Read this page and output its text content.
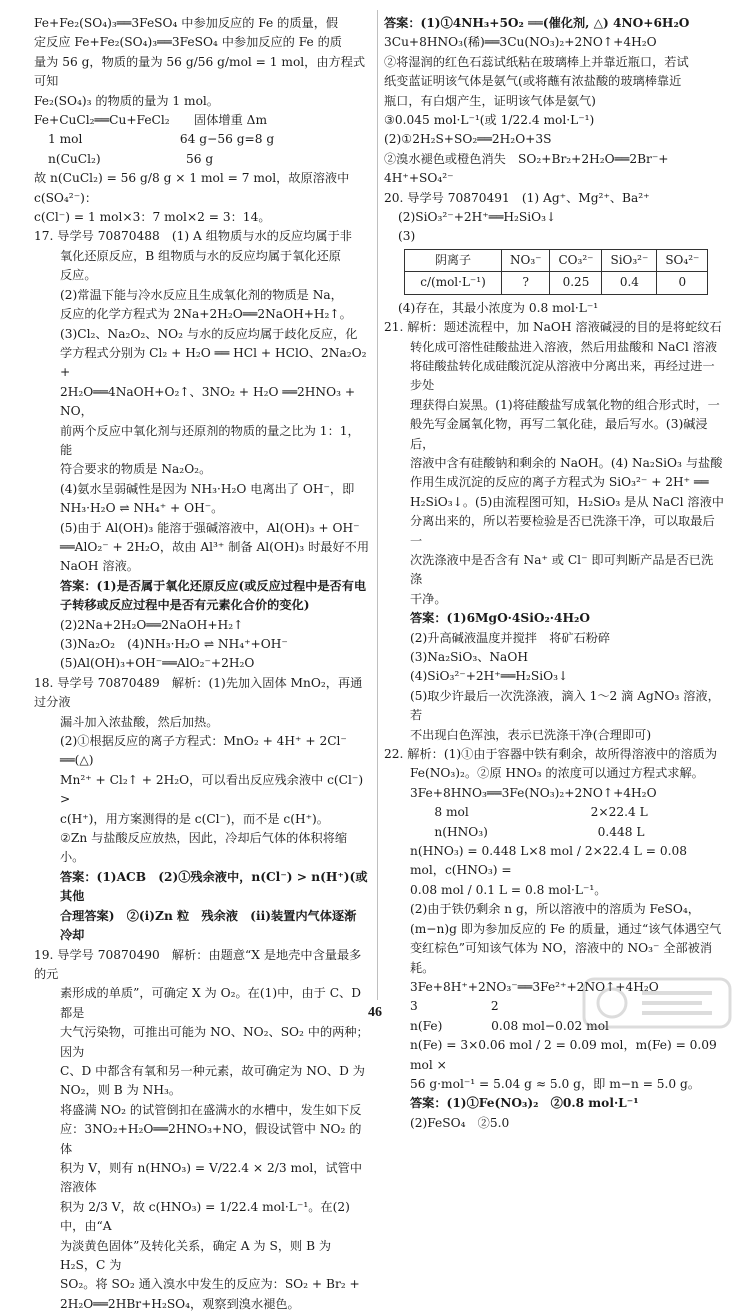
Fe+Fe₂(SO₄)₃══3FeSO₄ 中参加反应的 Fe 的质量，假

定反应 Fe+Fe₂(SO₄)₃══3FeSO₄ 中参加反应的 Fe 的质

量为 56 g，物质的量为 56 g/56 g/mol = 1 mol，由方程式可知

Fe₂(SO₄)₃ 的物质的量为 1 mol。

Fe+CuCl₂══Cu+FeCl₂　　固体增重 Δm

1 mol　　　　　　　　64 g−56 g=8 g

n(CuCl₂)　　　　　　　56 g

故 n(CuCl₂) = 56 g/8 g × 1 mol = 7 mol，故原溶液中 c(SO₄²⁻)：

c(Cl⁻) = 1 mol×3：7 mol×2 = 3：14。

17. 导学号 70870488　(1) A 组物质与水的反应均属于非

氧化还原反应，B 组物质与水的反应均属于氧化还原

反应。

(2)常温下能与冷水反应且生成氧化剂的物质是 Na，

反应的化学方程式为 2Na+2H₂O══2NaOH+H₂↑。

(3)Cl₂、Na₂O₂、NO₂ 与水的反应均属于歧化反应，化

学方程式分别为 Cl₂ + H₂O ══ HCl + HClO、2Na₂O₂ +

2H₂O══4NaOH+O₂↑、3NO₂ + H₂O ══2HNO₃ + NO，

前两个反应中氧化剂与还原剂的物质的量之比为 1：1，能

符合要求的物质是 Na₂O₂。

(4)氨水呈弱碱性是因为 NH₃·H₂O 电离出了 OH⁻，即

NH₃·H₂O ⇌ NH₄⁺ + OH⁻。

(5)由于 Al(OH)₃ 能溶于强碱溶液中，Al(OH)₃ + OH⁻

══AlO₂⁻ + 2H₂O，故由 Al³⁺ 制备 Al(OH)₃ 时最好不用

NaOH 溶液。

答案：(1)是否属于氧化还原反应(或反应过程中是否有电

子转移或反应过程中是否有元素化合价的变化)

(2)2Na+2H₂O══2NaOH+H₂↑

(3)Na₂O₂　(4)NH₃·H₂O ⇌ NH₄⁺+OH⁻

(5)Al(OH)₃+OH⁻══AlO₂⁻+2H₂O

18. 导学号 70870489　解析：(1)先加入固体 MnO₂，再通过分液

漏斗加入浓盐酸，然后加热。

(2)①根据反应的离子方程式：MnO₂ + 4H⁺ + 2Cl⁻ ══(△)

Mn²⁺ + Cl₂↑ + 2H₂O，可以看出反应残余液中 c(Cl⁻) >

c(H⁺)，用方案测得的是 c(Cl⁻)，而不是 c(H⁺)。

②Zn 与盐酸反应放热，因此，冷却后气体的体积将缩小。

答案：(1)ACB　(2)①残余液中，n(Cl⁻) > n(H⁺)(或其他

合理答案)　②(ⅰ)Zn 粒　残余液　(ⅱ)装置内气体逐渐

冷却

19. 导学号 70870490　解析：由题意“X 是地壳中含量最多的元

素形成的单质”，可确定 X 为 O₂。在(1)中，由于 C、D 都是

大气污染物，可推出可能为 NO、NO₂、SO₂ 中的两种；因为

C、D 中都含有氧和另一种元素，故可确定为 NO、D 为

NO₂，则 B 为 NH₃。

将盛满 NO₂ 的试管倒扣在盛满水的水槽中，发生如下反

应：3NO₂+H₂O══2HNO₃+NO，假设试管中 NO₂ 的体

积为 V，则有 n(HNO₃) = V/22.4 × 2/3 mol，试管中溶液体

积为 2/3 V，故 c(HNO₃) = 1/22.4 mol·L⁻¹。在(2)中，由“A

为淡黄色固体”及转化关系，确定 A 为 S，则 B 为 H₂S，C 为

SO₂。将 SO₂ 通入溴水中发生的反应为：SO₂ + Br₂ +

2H₂O══2HBr+H₂SO₄，观察到溴水褪色。

答案：(1)①4NH₃+5O₂ ══(催化剂, △) 4NO+6H₂O

3Cu+8HNO₃(稀)══3Cu(NO₃)₂+2NO↑+4H₂O

②将湿润的红色石蕊试纸粘在玻璃棒上并靠近瓶口，若试

纸变蓝证明该气体是氨气(或将蘸有浓盐酸的玻璃棒靠近

瓶口，有白烟产生，证明该气体是氨气)

③0.045 mol·L⁻¹(或 1/22.4 mol·L⁻¹)

(2)①2H₂S+SO₂══2H₂O+3S

②溴水褪色或橙色消失　SO₂+Br₂+2H₂O══2Br⁻+

4H⁺+SO₄²⁻

20. 导学号 70870491　(1) Ag⁺、Mg²⁺、Ba²⁺

(2)SiO₃²⁻+2H⁺══H₂SiO₃↓

(3)

阴离子	NO₃⁻	CO₃²⁻	SiO₃²⁻	SO₄²⁻
c/(mol·L⁻¹)	?	0.25	0.4	0

(4)存在，其最小浓度为 0.8 mol·L⁻¹

21. 解析：题述流程中，加 NaOH 溶液碱浸的目的是将蛇纹石

转化成可溶性硅酸盐进入溶液，然后用盐酸和 NaCl 溶液

将硅酸盐转化成硅酸沉淀从溶液中分离出来，再经过进一步处

理获得白炭黑。(1)将硅酸盐写成氧化物的组合形式时，一

般先写金属氧化物，再写二氧化硅，最后写水。(3)碱浸后，

溶液中含有硅酸钠和剩余的 NaOH。(4) Na₂SiO₃ 与盐酸

作用生成沉淀的反应的离子方程式为 SiO₃²⁻ + 2H⁺ ══

H₂SiO₃↓。(5)由流程图可知，H₂SiO₃ 是从 NaCl 溶液中

分离出来的，所以若要检验是否已洗涤干净，可以取最后一

次洗涤液中是否含有 Na⁺ 或 Cl⁻ 即可判断产品是否已洗涤

干净。

答案：(1)6MgO·4SiO₂·4H₂O

(2)升高碱液温度并搅拌　将矿石粉碎

(3)Na₂SiO₃、NaOH

(4)SiO₃²⁻+2H⁺══H₂SiO₃↓

(5)取少许最后一次洗涤液，滴入 1～2 滴 AgNO₃ 溶液，若

不出现白色浑浊，表示已洗涤干净(合理即可)

22. 解析：(1)①由于容器中铁有剩余，故所得溶液中的溶质为

Fe(NO₃)₂。②原 HNO₃ 的浓度可以通过方程式求解。

3Fe+8HNO₃══3Fe(NO₃)₂+2NO↑+4H₂O

　　8 mol　　　　　　　　　　2×22.4 L

　　n(HNO₃)　　　　　　　　　0.448 L

n(HNO₃) = 0.448 L×8 mol / 2×22.4 L = 0.08 mol，c(HNO₃) =

0.08 mol / 0.1 L = 0.8 mol·L⁻¹。

(2)由于铁仍剩余 n g，所以溶液中的溶质为 FeSO₄，

(m−n)g 即为参加反应的 Fe 的质量，通过“该气体遇空气

变红棕色”可知该气体为 NO，溶液中的 NO₃⁻ 全部被消耗。

3Fe+8H⁺+2NO₃⁻══3Fe²⁺+2NO↑+4H₂O

3　　　　　　2

n(Fe)　　　　0.08 mol−0.02 mol

n(Fe) = 3×0.06 mol / 2 = 0.09 mol，m(Fe) = 0.09 mol ×

56 g·mol⁻¹ = 5.04 g ≈ 5.0 g，即 m−n = 5.0 g。

答案：(1)①Fe(NO₃)₂　②0.8 mol·L⁻¹

(2)FeSO₄　②5.0

46
